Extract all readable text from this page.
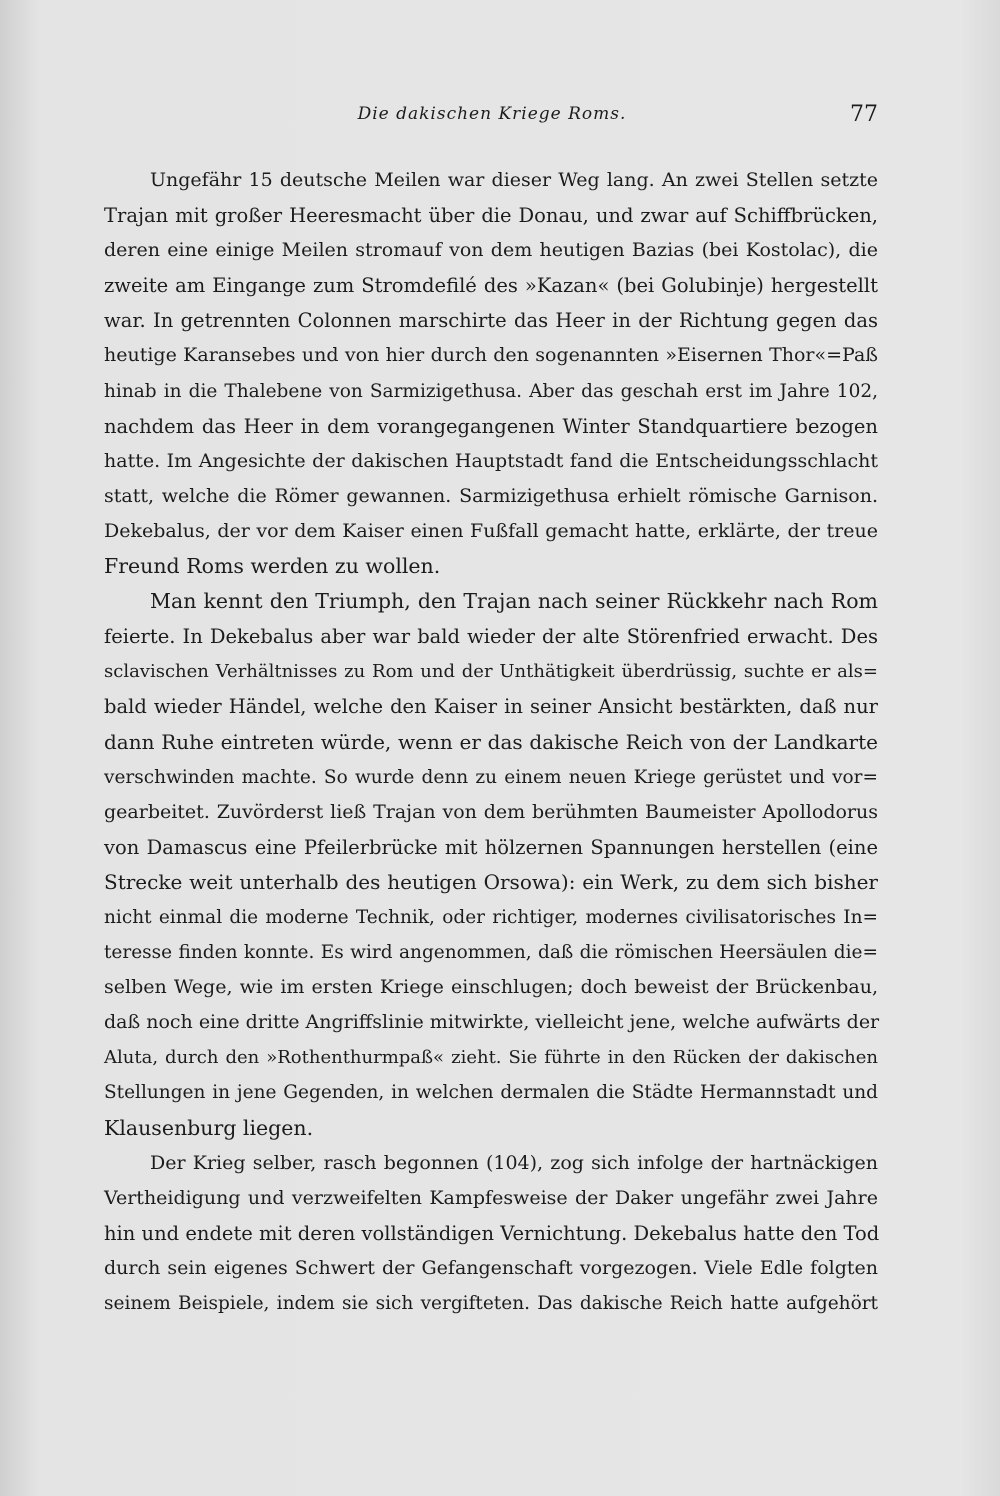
Die dakischen Kriege Roms.	77
Ungefähr 15 deutsche Meilen war dieser Weg lang. An zwei Stellen setzte
Trajan mit großer Heeresmacht über die Donau, und zwar auf Schiffbrücken,
deren eine einige Meilen stromauf von dem heutigen Bazias (bei Kostolac), die
zweite am Eingange zum Stromdefilé des »Kazan« (bei Golubinje) hergestellt
war. In getrennten Colonnen marschirte das Heer in der Richtung gegen das
heutige Karansebes und von hier durch den sogenannten »Eisernen Thor«=Paß
hinab in die Thalebene von Sarmizigethusa. Aber das geschah erst im Jahre 102,
nachdem das Heer in dem vorangegangenen Winter Standquartiere bezogen
hatte. Im Angesichte der dakischen Hauptstadt fand die Entscheidungsschlacht
statt, welche die Römer gewannen. Sarmizigethusa erhielt römische Garnison.
Dekebalus, der vor dem Kaiser einen Fußfall gemacht hatte, erklärte, der treue
Freund Roms werden zu wollen.
Man kennt den Triumph, den Trajan nach seiner Rückkehr nach Rom
feierte. In Dekebalus aber war bald wieder der alte Störenfried erwacht. Des
sclavischen Verhältnisses zu Rom und der Unthätigkeit überdrüssig, suchte er als=
bald wieder Händel, welche den Kaiser in seiner Ansicht bestärkten, daß nur
dann Ruhe eintreten würde, wenn er das dakische Reich von der Landkarte
verschwinden machte. So wurde denn zu einem neuen Kriege gerüstet und vor=
gearbeitet. Zuvörderst ließ Trajan von dem berühmten Baumeister Apollodorus
von Damascus eine Pfeilerbrücke mit hölzernen Spannungen herstellen (eine
Strecke weit unterhalb des heutigen Orsowa): ein Werk, zu dem sich bisher
nicht einmal die moderne Technik, oder richtiger, modernes civilisatorisches In=
teresse finden konnte. Es wird angenommen, daß die römischen Heersäulen die=
selben Wege, wie im ersten Kriege einschlugen; doch beweist der Brückenbau,
daß noch eine dritte Angriffslinie mitwirkte, vielleicht jene, welche aufwärts der
Aluta, durch den »Rothenthurmpaß« zieht. Sie führte in den Rücken der dakischen
Stellungen in jene Gegenden, in welchen dermalen die Städte Hermannstadt und
Klausenburg liegen.
Der Krieg selber, rasch begonnen (104), zog sich infolge der hartnäckigen
Vertheidigung und verzweifelten Kampfesweise der Daker ungefähr zwei Jahre
hin und endete mit deren vollständigen Vernichtung. Dekebalus hatte den Tod
durch sein eigenes Schwert der Gefangenschaft vorgezogen. Viele Edle folgten
seinem Beispiele, indem sie sich vergifteten. Das dakische Reich hatte aufgehört
